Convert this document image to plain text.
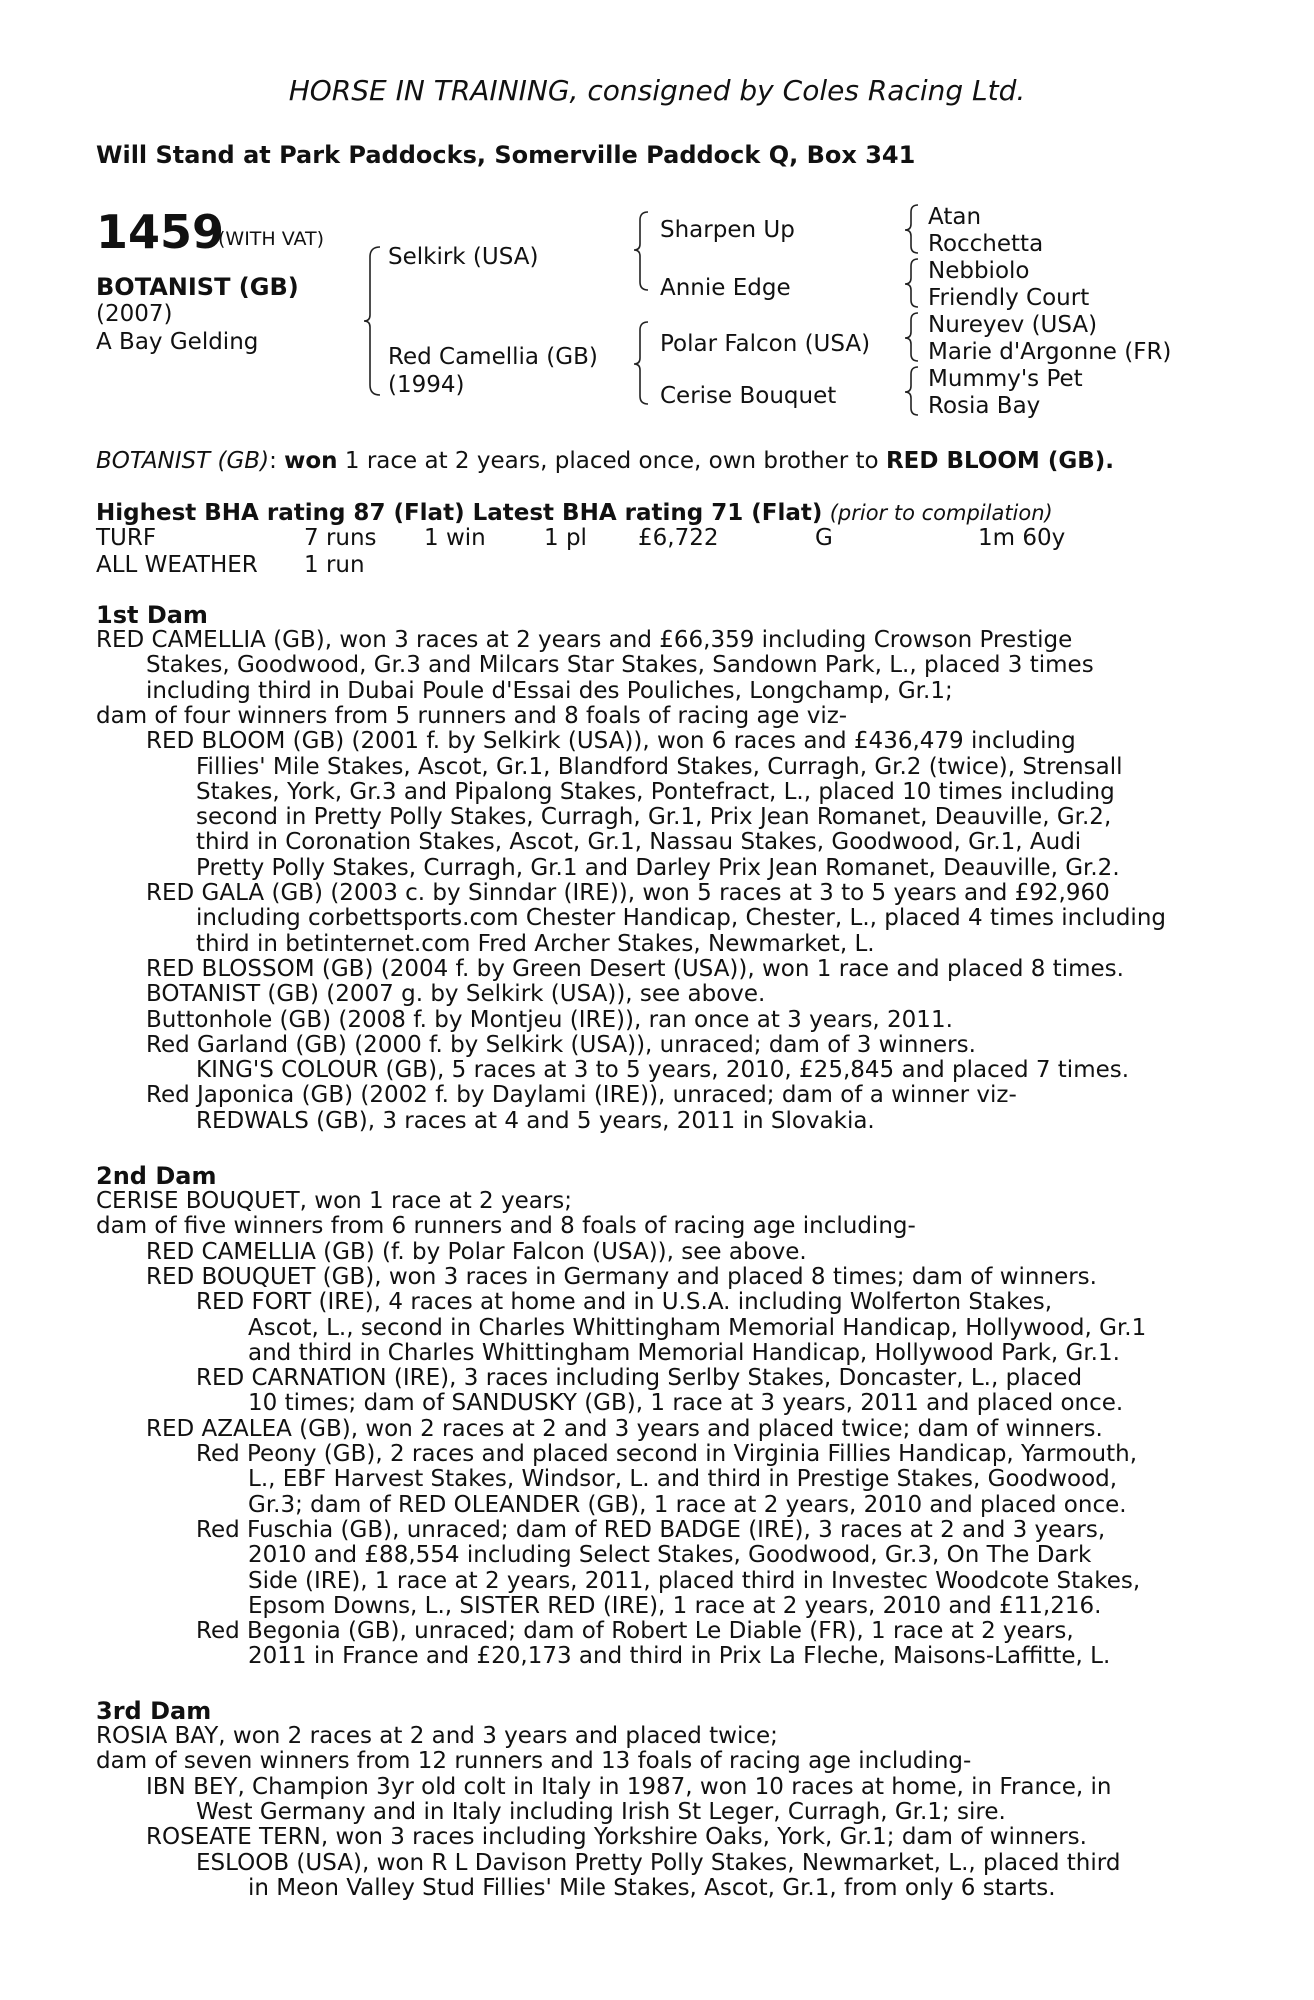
HORSE IN TRAINING, consigned by Coles Racing Ltd.
Will Stand at Park Paddocks, Somerville Paddock Q, Box 341
1459
(WITH VAT)
BOTANIST (GB)
(2007)
A Bay Gelding
Selkirk (USA)
Red Camellia (GB)
(1994)
Sharpen Up
Annie Edge
Polar Falcon (USA)
Cerise Bouquet
Atan
Rocchetta
Nebbiolo
Friendly Court
Nureyev (USA)
Marie d'Argonne (FR)
Mummy's Pet
Rosia Bay
BOTANIST (GB): won 1 race at 2 years, placed once, own brother to RED BLOOM (GB).
Highest BHA rating 87 (Flat) Latest BHA rating 71 (Flat) (prior to compilation)
TURF	7 runs 1 win	1 pl £6,722	G	1m 60y
ALL WEATHER 1 run
1st Dam
RED CAMELLIA (GB), won 3 races at 2 years and £66,359 including Crowson Prestige
Stakes, Goodwood, Gr.3 and Milcars Star Stakes, Sandown Park, L., placed 3 times
including third in Dubai Poule d'Essai des Pouliches, Longchamp, Gr.1;
dam of four winners from 5 runners and 8 foals of racing age viz-
RED BLOOM (GB) (2001 f. by Selkirk (USA)), won 6 races and £436,479 including
Fillies' Mile Stakes, Ascot, Gr.1, Blandford Stakes, Curragh, Gr.2 (twice), Strensall
Stakes, York, Gr.3 and Pipalong Stakes, Pontefract, L., placed 10 times including
second in Pretty Polly Stakes, Curragh, Gr.1, Prix Jean Romanet, Deauville, Gr.2,
third in Coronation Stakes, Ascot, Gr.1, Nassau Stakes, Goodwood, Gr.1, Audi
Pretty Polly Stakes, Curragh, Gr.1 and Darley Prix Jean Romanet, Deauville, Gr.2.
RED GALA (GB) (2003 c. by Sinndar (IRE)), won 5 races at 3 to 5 years and £92,960
including corbettsports.com Chester Handicap, Chester, L., placed 4 times including
third in betinternet.com Fred Archer Stakes, Newmarket, L.
RED BLOSSOM (GB) (2004 f. by Green Desert (USA)), won 1 race and placed 8 times.
BOTANIST (GB) (2007 g. by Selkirk (USA)), see above.
Buttonhole (GB) (2008 f. by Montjeu (IRE)), ran once at 3 years, 2011.
Red Garland (GB) (2000 f. by Selkirk (USA)), unraced; dam of 3 winners.
KING'S COLOUR (GB), 5 races at 3 to 5 years, 2010, £25,845 and placed 7 times.
Red Japonica (GB) (2002 f. by Daylami (IRE)), unraced; dam of a winner viz-
REDWALS (GB), 3 races at 4 and 5 years, 2011 in Slovakia.
2nd Dam
CERISE BOUQUET, won 1 race at 2 years;
dam of five winners from 6 runners and 8 foals of racing age including-
RED CAMELLIA (GB) (f. by Polar Falcon (USA)), see above.
RED BOUQUET (GB), won 3 races in Germany and placed 8 times; dam of winners.
RED FORT (IRE), 4 races at home and in U.S.A. including Wolferton Stakes,
Ascot, L., second in Charles Whittingham Memorial Handicap, Hollywood, Gr.1
and third in Charles Whittingham Memorial Handicap, Hollywood Park, Gr.1.
RED CARNATION (IRE), 3 races including Serlby Stakes, Doncaster, L., placed
10 times; dam of SANDUSKY (GB), 1 race at 3 years, 2011 and placed once.
RED AZALEA (GB), won 2 races at 2 and 3 years and placed twice; dam of winners.
Red Peony (GB), 2 races and placed second in Virginia Fillies Handicap, Yarmouth,
L., EBF Harvest Stakes, Windsor, L. and third in Prestige Stakes, Goodwood,
Gr.3; dam of RED OLEANDER (GB), 1 race at 2 years, 2010 and placed once.
Red Fuschia (GB), unraced; dam of RED BADGE (IRE), 3 races at 2 and 3 years,
2010 and £88,554 including Select Stakes, Goodwood, Gr.3, On The Dark
Side (IRE), 1 race at 2 years, 2011, placed third in Investec Woodcote Stakes,
Epsom Downs, L., SISTER RED (IRE), 1 race at 2 years, 2010 and £11,216.
Red Begonia (GB), unraced; dam of Robert Le Diable (FR), 1 race at 2 years,
2011 in France and £20,173 and third in Prix La Fleche, Maisons-Laffitte, L.
3rd Dam
ROSIA BAY, won 2 races at 2 and 3 years and placed twice;
dam of seven winners from 12 runners and 13 foals of racing age including-
IBN BEY, Champion 3yr old colt in Italy in 1987, won 10 races at home, in France, in
West Germany and in Italy including Irish St Leger, Curragh, Gr.1; sire.
ROSEATE TERN, won 3 races including Yorkshire Oaks, York, Gr.1; dam of winners.
ESLOOB (USA), won R L Davison Pretty Polly Stakes, Newmarket, L., placed third
in Meon Valley Stud Fillies' Mile Stakes, Ascot, Gr.1, from only 6 starts.
